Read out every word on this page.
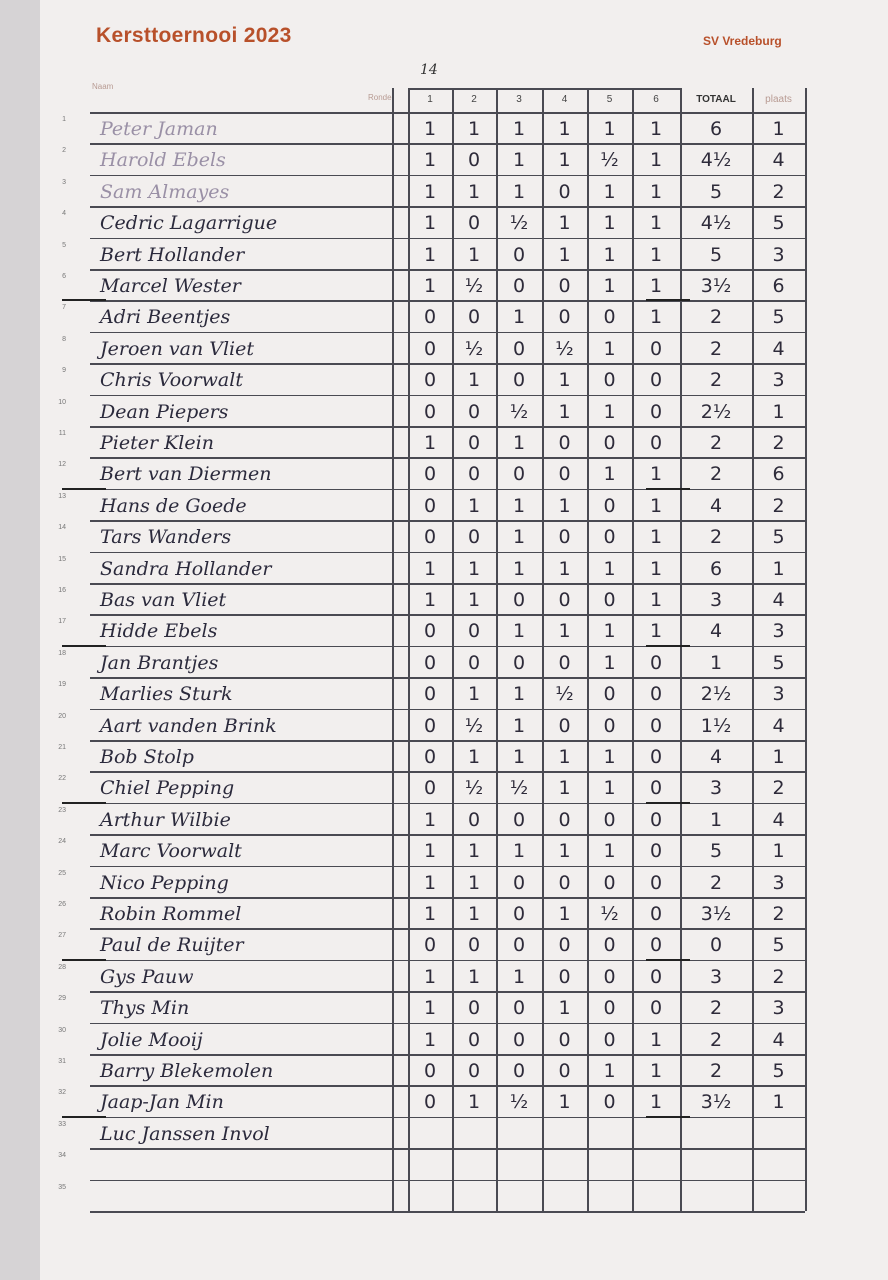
Kersttoernooi 2023	SV Vredeburg
Naam
Ronde
14
1	2	3	4	5	6	TOTAAL	plaats
1 Peter Jaman	1	1	1	1	1	1	6	1
2 Harold Ebels	1	0	1	1	½	1	4½	4
3 Sam Almayes	1	1	1	0	1	1	5	2
4 Cedric Lagarrigue	1	0	½	1	1	1	4½	5
5 Bert Hollander	1	1	0	1	1	1	5	3
6 Marcel Wester	1	½	0	0	1	1	3½	6
7 Adri Beentjes	0	0	1	0	0	1	2	5
8 Jeroen van Vliet	0	½	0	½	1	0	2	4
9 Chris Voorwalt	0	1	0	1	0	0	2	3
10 Dean Piepers	0	0	½	1	1	0	2½	1
11 Pieter Klein	1	0	1	0	0	0	2	2
12 Bert van Diermen	0	0	0	0	1	1	2	6
13 Hans de Goede	0	1	1	1	0	1	4	2
14 Tars Wanders	0	0	1	0	0	1	2	5
15 Sandra Hollander	1	1	1	1	1	1	6	1
16 Bas van Vliet	1	1	0	0	0	1	3	4
17 Hidde Ebels	0	0	1	1	1	1	4	3
18 Jan Brantjes	0	0	0	0	1	0	1	5
19 Marlies Sturk	0	1	1	½	0	0	2½	3
20 Aart vanden Brink	0	½	1	0	0	0	1½	4
21 Bob Stolp	0	1	1	1	1	0	4	1
22 Chiel Pepping	0	½	½	1	1	0	3	2
23 Arthur Wilbie	1	0	0	0	0	0	1	4
24 Marc Voorwalt	1	1	1	1	1	0	5	1
25 Nico Pepping	1	1	0	0	0	0	2	3
26 Robin Rommel	1	1	0	1	½	0	3½	2
27 Paul de Ruijter	0	0	0	0	0	0	0	5
28 Gys Pauw	1	1	1	0	0	0	3	2
29 Thys Min	1	0	0	1	0	0	2	3
30 Jolie Mooij	1	0	0	0	0	1	2	4
31 Barry Blekemolen	0	0	0	0	1	1	2	5
32 Jaap-Jan Min	0	1	½	1	0	1	3½	1
33 Luc Janssen Invol
34
35
